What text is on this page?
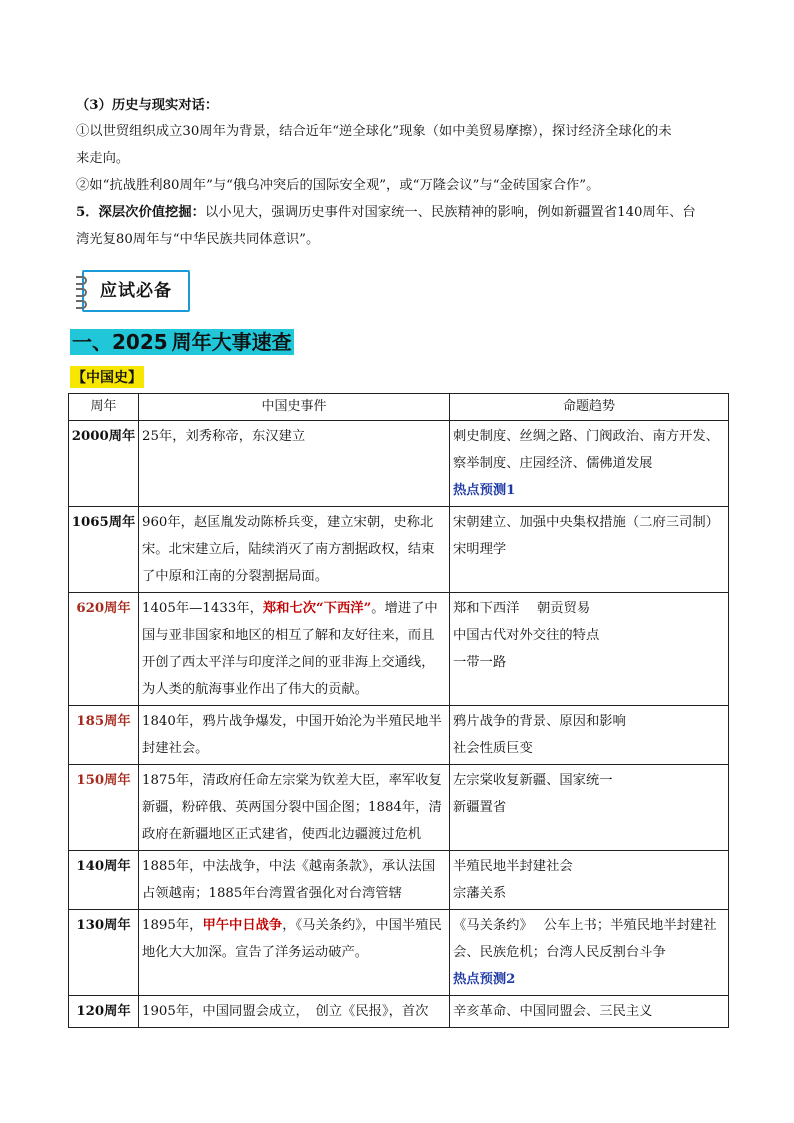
（3）历史与现实对话：
①以世贸组织成立30周年为背景，结合近年“逆全球化”现象（如中美贸易摩擦），探讨经济全球化的未
来走向。
②如“抗战胜利80周年”与“俄乌冲突后的国际安全观”，或“万隆会议”与“金砖国家合作”。
5．深层次价值挖掘：以小见大，强调历史事件对国家统一、民族精神的影响，例如新疆置省140周年、台
湾光复80周年与“中华民族共同体意识”。
应试必备
一、2025 周年大事速查
【中国史】
周年	中国史事件	命题趋势
2000周年	25年，刘秀称帝，东汉建立	刺史制度、丝绸之路、门阀政治、南方开发、察举制度、庄园经济、儒佛道发展
热点预测1

1065周年	960年，赵匡胤发动陈桥兵变，建立宋朝，史称北宋。北宋建立后，陆续消灭了南方割据政权，结束了中原和江南的分裂割据局面。	宋朝建立、加强中央集权措施（二府三司制）
宋明理学

620周年	1405年—1433年，郑和七次“下西洋”。增进了中国与亚非国家和地区的相互了解和友好往来，而且开创了西太平洋与印度洋之间的亚非海上交通线，为人类的航海事业作出了伟大的贡献。	郑和下西洋　 朝贡贸易
中国古代对外交往的特点
一带一路

185周年	1840年，鸦片战争爆发，中国开始沦为半殖民地半封建社会。	鸦片战争的背景、原因和影响
社会性质巨变

150周年	1875年，清政府任命左宗棠为钦差大臣，率军收复新疆，粉碎俄、英两国分裂中国企图；1884年，清政府在新疆地区正式建省，使西北边疆渡过危机	左宗棠收复新疆、国家统一
新疆置省

140周年	1885年，中法战争，中法《越南条款》，承认法国占领越南；1885年台湾置省强化对台湾管辖	半殖民地半封建社会
宗藩关系

130周年	1895年，甲午中日战争，《马关条约》，中国半殖民地化大大加深。宣告了洋务运动破产。	《马关条约》　 公车上书；半殖民地半封建社会、民族危机；台湾人民反割台斗争
热点预测2

120周年	1905年，中国同盟会成立，　创立《民报》，首次	辛亥革命、中国同盟会、三民主义
